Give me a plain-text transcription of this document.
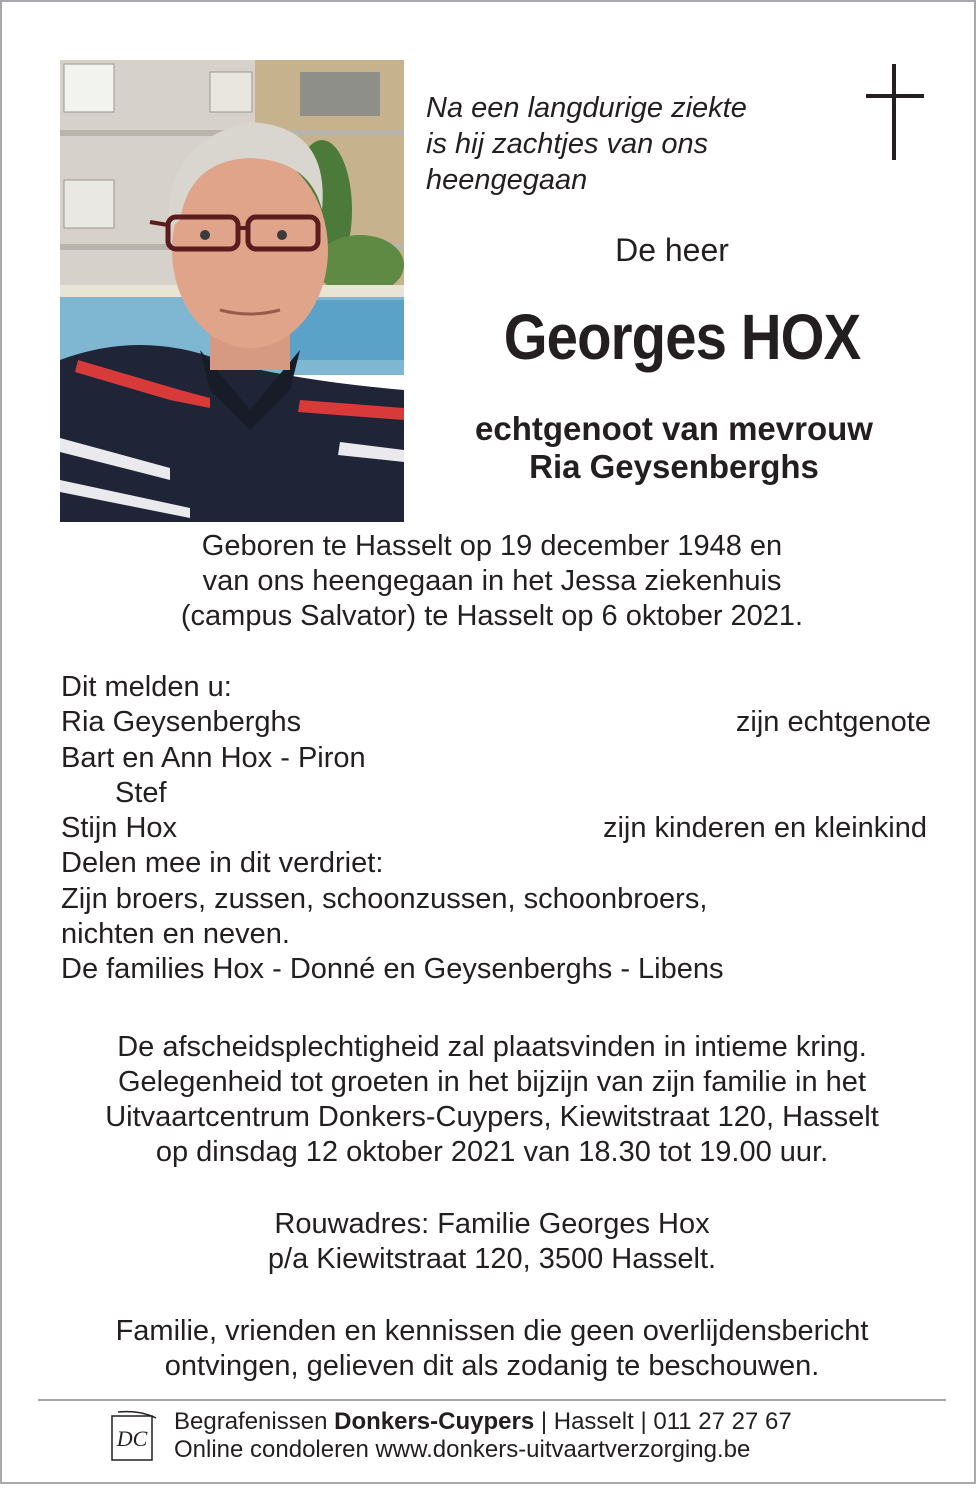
Na een langdurige ziekte
is hij zachtjes van ons
heengegaan
De heer
Georges HOX
echtgenoot van mevrouw
Ria Geysenberghs
Geboren te Hasselt op 19 december 1948 en
van ons heengegaan in het Jessa ziekenhuis
(campus Salvator) te Hasselt op 6 oktober 2021.
Dit melden u:
Ria Geysenberghs	zijn echtgenote
Bart en Ann Hox - Piron
Stef
Stijn Hox	zijn kinderen en kleinkind
Delen mee in dit verdriet:
Zijn broers, zussen, schoonzussen, schoonbroers,
nichten en neven.
De families Hox - Donné en Geysenberghs - Libens
De afscheidsplechtigheid zal plaatsvinden in intieme kring.
Gelegenheid tot groeten in het bijzijn van zijn familie in het
Uitvaartcentrum Donkers-Cuypers, Kiewitstraat 120, Hasselt
op dinsdag 12 oktober 2021 van 18.30 tot 19.00 uur.
Rouwadres: Familie Georges Hox
p/a Kiewitstraat 120, 3500 Hasselt.
Familie, vrienden en kennissen die geen overlijdensbericht
ontvingen, gelieven dit als zodanig te beschouwen.
DC
Begrafenissen Donkers-Cuypers | Hasselt | 011 27 27 67
Online condoleren www.donkers-uitvaartverzorging.be
